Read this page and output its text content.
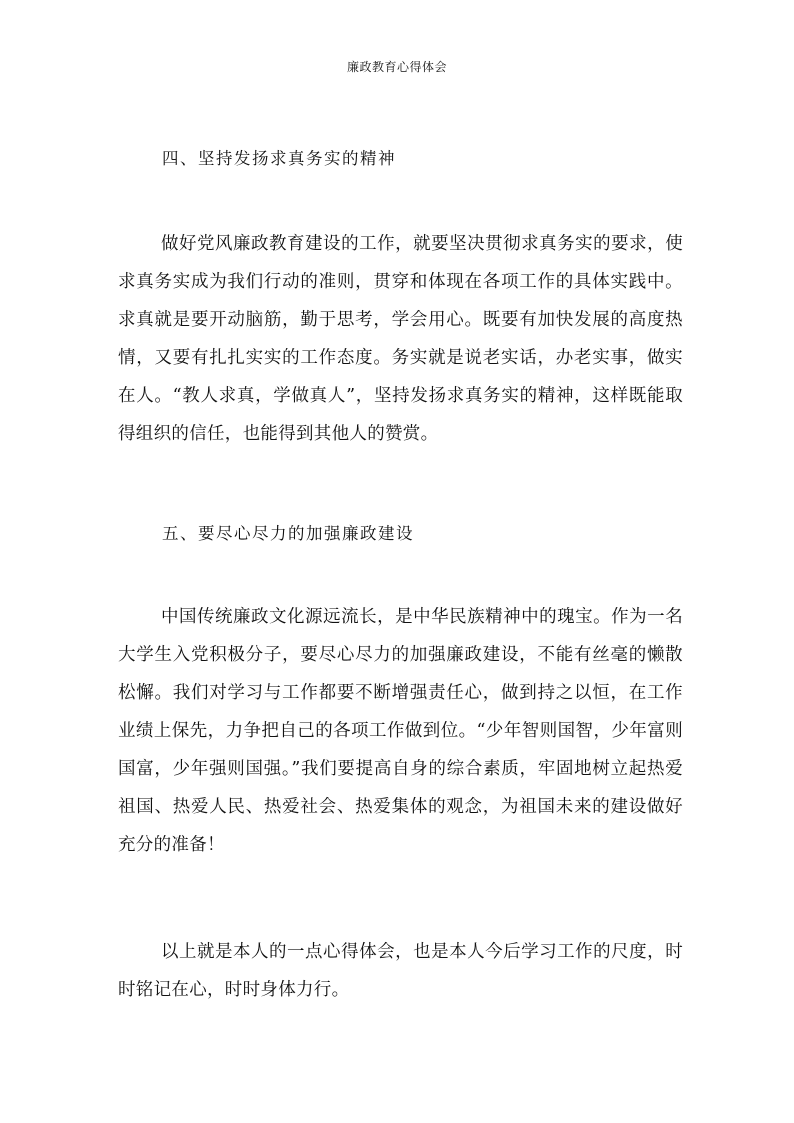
廉政教育心得体会
四、坚持发扬求真务实的精神

做好党风廉政教育建设的工作，就要坚决贯彻求真务实的要求，使求真务实成为我们行动的准则，贯穿和体现在各项工作的具体实践中。求真就是要开动脑筋，勤于思考，学会用心。既要有加快发展的高度热情，又要有扎扎实实的工作态度。务实就是说老实话，办老实事，做实在人。“教人求真，学做真人”，坚持发扬求真务实的精神，这样既能取得组织的信任，也能得到其他人的赞赏。

五、要尽心尽力的加强廉政建设

中国传统廉政文化源远流长，是中华民族精神中的瑰宝。作为一名大学生入党积极分子，要尽心尽力的加强廉政建设，不能有丝毫的懒散松懈。我们对学习与工作都要不断增强责任心，做到持之以恒，在工作业绩上保先，力争把自己的各项工作做到位。“少年智则国智，少年富则国富，少年强则国强。”我们要提高自身的综合素质，牢固地树立起热爱祖国、热爱人民、热爱社会、热爱集体的观念，为祖国未来的建设做好充分的准备！

以上就是本人的一点心得体会，也是本人今后学习工作的尺度，时时铭记在心，时时身体力行。
